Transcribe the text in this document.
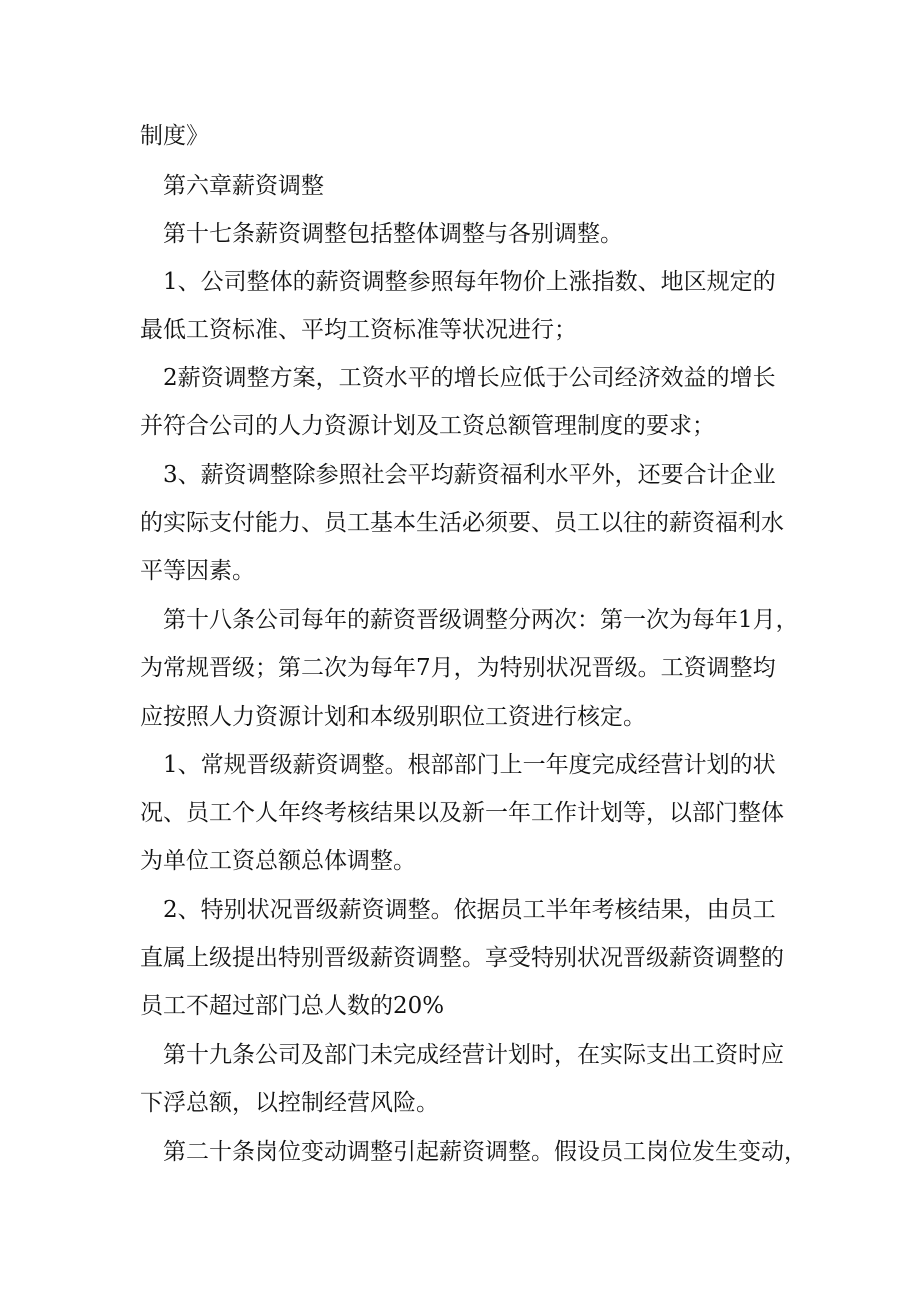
制度》
第六章薪资调整
第十七条薪资调整包括整体调整与各别调整。
1、公司整体的薪资调整参照每年物价上涨指数、地区规定的
最低工资标准、平均工资标准等状况进行；
2薪资调整方案，工资水平的增长应低于公司经济效益的增长
并符合公司的人力资源计划及工资总额管理制度的要求；
3、薪资调整除参照社会平均薪资福利水平外，还要合计企业
的实际支付能力、员工基本生活必须要、员工以往的薪资福利水
平等因素。
第十八条公司每年的薪资晋级调整分两次：第一次为每年1月，
为常规晋级；第二次为每年7月，为特别状况晋级。工资调整均
应按照人力资源计划和本级别职位工资进行核定。
1、常规晋级薪资调整。根部部门上一年度完成经营计划的状
况、员工个人年终考核结果以及新一年工作计划等，以部门整体
为单位工资总额总体调整。
2、特别状况晋级薪资调整。依据员工半年考核结果，由员工
直属上级提出特别晋级薪资调整。享受特别状况晋级薪资调整的
员工不超过部门总人数的20%
第十九条公司及部门未完成经营计划时，在实际支出工资时应
下浮总额，以控制经营风险。
第二十条岗位变动调整引起薪资调整。假设员工岗位发生变动，
